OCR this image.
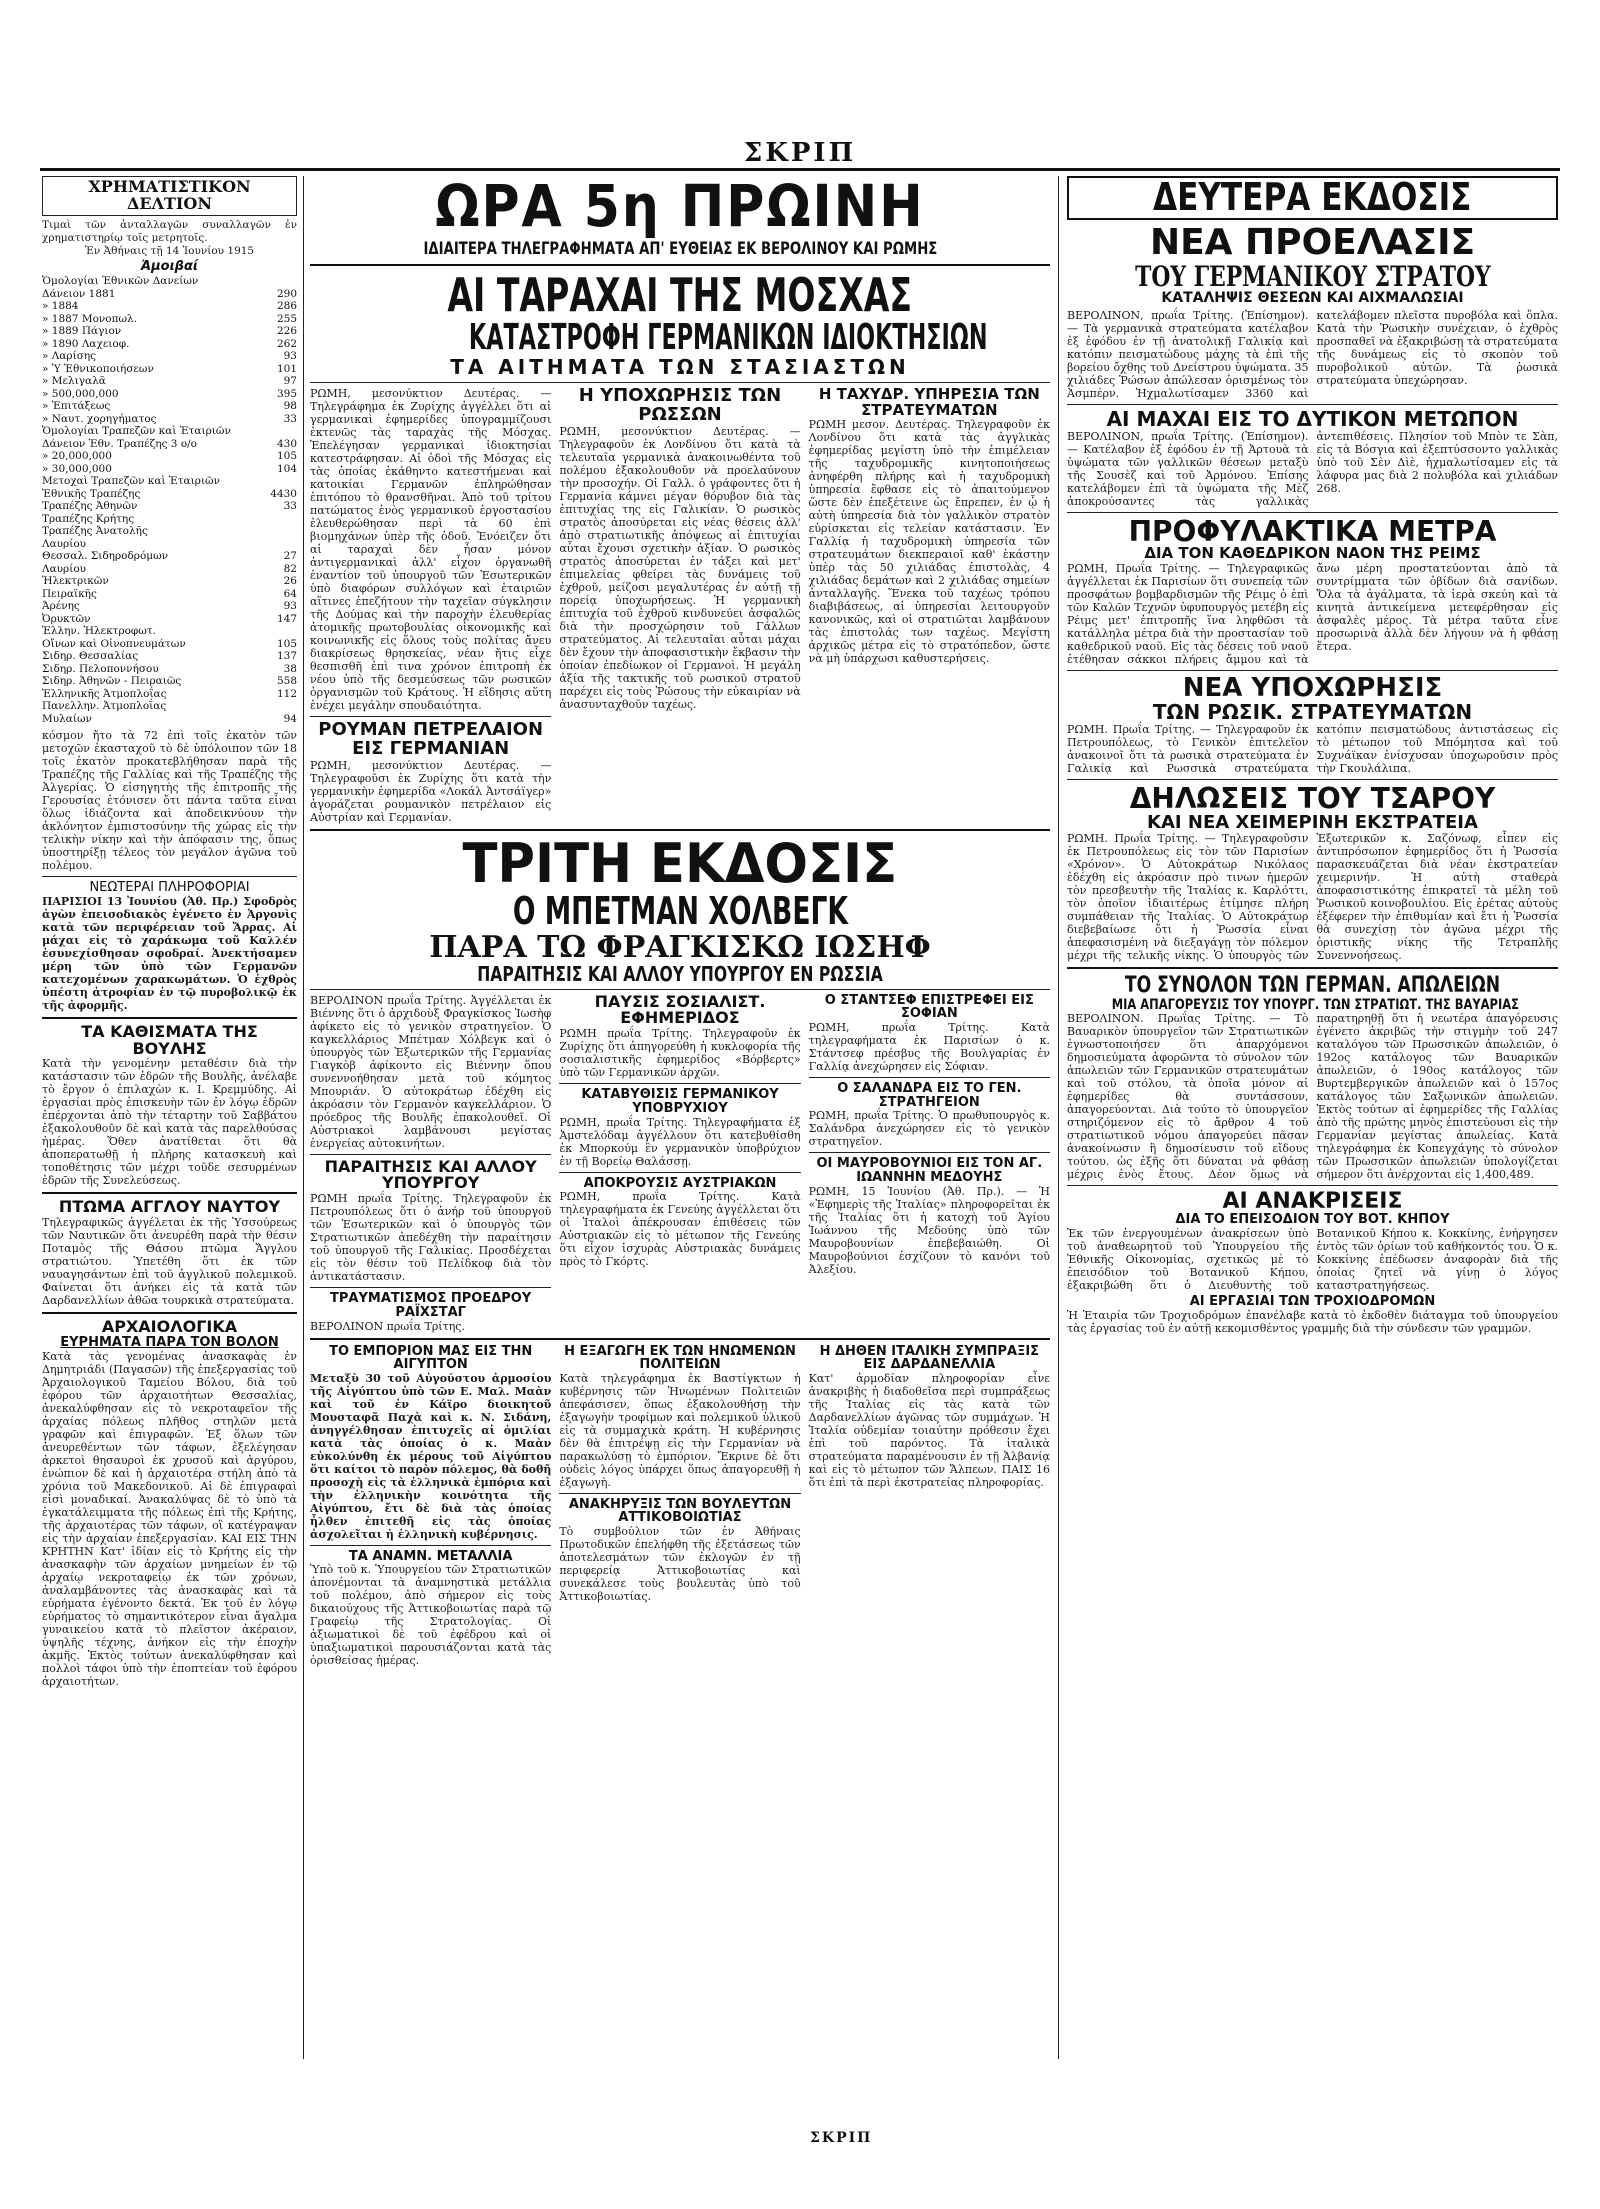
ΣΚΡΙΠ
ΧΡΗΜΑΤΙΣΤΙΚΟΝ ΔΕΛΤΙΟΝ
Τιμαὶ τῶν ἀνταλλαγῶν συναλλαγῶν ἐν χρηματιστηρίῳ τοῖς μετρητοῖς.
Ἐν Ἀθήναις τῇ 14 Ἰουνίου 1915
Ἀμοιβαί
Ὁμολογίαι Ἐθνικῶν Δανείων
Δάνειον 1881	290
» 1884	286
» 1887 Μονοπωλ.	255
» 1889 Πάγιον	226
» 1890 Λαχειοφ.	262
» Λαρίσης	93
» Ὑ Ἐθνικοποιήσεων	101
» Μελιγαλᾶ	97
» 500,000,000	395
» Ἐπιτάξεως	98
» Ναυτ. χορηγήματος	33
Ὁμολογίαι Τραπεζῶν καὶ Ἑταιριῶν
Δάνειον Ἐθν. Τραπέζης 3 ο/ο	430
» 20,000,000	105
» 30,000,000	104
Μετοχαὶ Τραπεζῶν καὶ Ἑταιριῶν
Ἐθνικῆς Τραπέζης	4430
Τραπέζης Ἀθηνῶν	33
Τραπέζης Κρήτης
Τραπέζης Ἀνατολῆς
Λαυρίου
Θεσσαλ. Σιδηροδρόμων	27
Λαυρίου	82
Ἠλεκτρικῶν	26
Πειραϊκῆς	64
Ἀρένης	93
Ὀρυκτῶν	147
Ἑλλην. Ἠλεκτροφωτ.
Οἴνων καὶ Οἰνοπνευμάτων	105
Σιδηρ. Θεσσαλίας	137
Σιδηρ. Πελοποννήσου	38
Σιδηρ. Ἀθηνῶν - Πειραιῶς	558
Ἑλληνικῆς Ἀτμοπλοΐας	112
Πανελλην. Ἀτμοπλοΐας
Μυλαίων	94
κόσμον ἤτο τὰ 72 ἐπὶ τοῖς ἑκατὸν τῶν μετοχῶν ἑκασταχοῦ τὸ δὲ ὑπόλοιπον τῶν 18 τοῖς ἑκατὸν προκατεβλήθησαν παρὰ τῆς Τραπέζης τῆς Γαλλίας καὶ τῆς Τραπέζης τῆς Ἀλγερίας. Ὁ εἰσηγητὴς τῆς ἐπιτροπῆς τῆς Γερουσίας ἐτόνισεν ὅτι πάντα ταῦτα εἶναι ὅλως ἰδιάζοντα καὶ ἀποδεικνύουν τὴν ἀκλόνητον ἐμπιστοσύνην τῆς χώρας εἰς τὴν τελικὴν νίκην καὶ τὴν ἀπόφασιν της, ὅπως ὑποστηρίξῃ τέλεος τὸν μεγάλον ἀγῶνα τοῦ πολέμου.
ΝΕΩΤΕΡΑΙ ΠΛΗΡΟΦΟΡΙΑΙ
ΠΑΡΙΣΙΟΙ 13 Ἰουνίου (Ἀθ. Πρ.) Σφοδρὸς ἀγὼν ἐπεισοδιακὸς ἐγένετο ἐν Ἀργονὶς κατὰ τῶν περιφέρειαν τοῦ Ἄρρας. Αἱ μάχαι εἰς τὸ χαράκωμα τοῦ Καλλέν ἐσυνεχίσθησαν σφοδραί. Ἀνεκτήσαμεν μέρη τῶν ὑπὸ τῶν Γερμανῶν κατεχομένων χαρακωμάτων. Ὁ ἐχθρὸς ὑπέστη ἀτροφίαν ἐν τῷ πυροβολικῷ ἐκ τῆς ἀφορμῆς.
ΤΑ ΚΑΘΙΣΜΑΤΑ ΤΗΣ ΒΟΥΛΗΣ
Κατὰ τὴν γενομένην μεταθέσιν διὰ τὴν κατάστασιν τῶν ἑδρῶν τῆς Βουλῆς, ἀνέλαβε τὸ ἔργον ὁ ἐπιλαχὼν κ. Ι. Κρεμμύδης. Αἱ ἐργασίαι πρὸς ἐπισκευὴν τῶν ἐν λόγῳ ἑδρῶν ἐπέρχονται ἀπὸ τὴν τέταρτην τοῦ Σαββάτου ἐξακολουθοῦν δὲ καὶ κατὰ τὰς παρελθούσας ἡμέρας. Ὅθεν ἀνατίθεται ὅτι θὰ ἀποπερατωθῇ ἡ πλήρης κατασκευὴ καὶ τοποθέτησις τῶν μέχρι τοῦδε σεσυρμένων ἑδρῶν τῆς Συνελεύσεως.
ΠΤΩΜΑ ΑΓΓΛΟΥ ΝΑΥΤΟΥ
Τηλεγραφικῶς ἀγγέλεται ἐκ τῆς Ὑσσούρεως τῶν Ναυτικῶν ὅτι ἀνευρέθη παρὰ τὴν θέσιν Ποταμὸς τῆς Θάσου πτῶμα Ἄγγλου στρατιώτου. Ὑπετέθη ὅτι ἐκ τῶν ναυαγησάντων ἐπὶ τοῦ ἀγγλικοῦ πολεμικοῦ. Φαίνεται ὅτι ἀνήκει εἰς τὰ κατὰ τῶν Δαρδανελλίων ἀθῶα τουρκικὰ στρατεύματα.
ΑΡΧΑΙΟΛΟΓΙΚΑ
ΕΥΡΗΜΑΤΑ ΠΑΡΑ ΤΟΝ ΒΟΛΟΝ
Κατὰ τὰς γενομένας ἀνασκαφὰς ἐν Δημητριάδι (Παγασῶν) τῆς ἐπεξεργασίας τοῦ Ἀρχαιολογικοῦ Ταμείου Βόλου, διὰ τοῦ ἐφόρου τῶν ἀρχαιοτήτων Θεσσαλίας, ἀνεκαλύφθησαν εἰς τὸ νεκροταφεῖον τῆς ἀρχαίας πόλεως πλῆθος στηλῶν μετὰ γραφῶν καὶ ἐπιγραφῶν. Ἐξ ὅλων τῶν ἀνευρεθέντων τῶν τάφων, ἐξελέγησαν ἀρκετοὶ θησαυροὶ ἐκ χρυσοῦ καὶ ἀργύρου, ἑνώπιον δὲ καὶ ἡ ἀρχαιοτέρα στήλη ἀπὸ τὰ χρόνια τοῦ Μακεδονικοῦ. Αἱ δὲ ἐπιγραφαὶ εἰσὶ μοναδικαί. Ἀνακαλύψας δὲ τὸ ὑπὸ τὰ ἐγκατάλειμματα τῆς πόλεως ἐπὶ τῆς Κρήτης, τῆς ἀρχαιοτέρας τῶν τάφων, οἳ κατέγραψαν εἰς τὴν ἀρχαίαν ἐπεξεργασίαν. ΚΑΙ ΕΙΣ ΤΗΝ ΚΡΗΤΗΝ Κατ' ἰδίαν εἰς τὸ Κρήτης εἰς τὴν ἀνασκαφὴν τῶν ἀρχαίων μνημείων ἐν τῷ ἀρχαίῳ νεκροταφείῳ ἐκ τῶν χρόνων, ἀναλαμβάνοντες τὰς ἀνασκαφὰς καὶ τὰ εὑρήματα ἐγένοντο δεκτά. Ἐκ τοῦ ἐν λόγῳ εὑρήματος τὸ σημαντικότερον εἶναι ἄγαλμα γυναικείου κατὰ τὸ πλεῖστον ἀκέραιον, ὑψηλῆς τέχνης, ἀνήκον εἰς τὴν ἐποχὴν ἀκμῆς. Ἐκτὸς τούτων ἀνεκαλύφθησαν καὶ πολλοὶ τάφοι ὑπὸ τὴν ἐποπτείαν τοῦ ἐφόρου ἀρχαιοτήτων.
ΩΡΑ 5η ΠΡΩΙΝΗ
ΙΔΙΑΙΤΕΡΑ ΤΗΛΕΓΡΑΦΗΜΑΤΑ ΑΠ' ΕΥΘΕΙΑΣ ΕΚ ΒΕΡΟΛΙΝΟΥ ΚΑΙ ΡΩΜΗΣ
ΑΙ ΤΑΡΑΧΑΙ ΤΗΣ ΜΟΣΧΑΣ
ΚΑΤΑΣΤΡΟΦΗ ΓΕΡΜΑΝΙΚΩΝ ΙΔΙΟΚΤΗΣΙΩΝ
ΤΑ ΑΙΤΗΜΑΤΑ ΤΩΝ ΣΤΑΣΙΑΣΤΩΝ
ΡΩΜΗ, μεσονύκτιον Δευτέρας. — Τηλεγράφημα ἐκ Ζυρίχης ἀγγέλλει ὅτι αἱ γερμανικαὶ ἐφημερίδες ὑπογραμμίζουσι ἐκτενῶς τὰς ταραχὰς τῆς Μόσχας. Ἐπελέγησαν γερμανικαὶ ἰδιοκτησίαι κατεστράφησαν. Αἱ ὁδοὶ τῆς Μόσχας εἰς τὰς ὁποίας ἐκάθηντο κατεστήμεναι καὶ κατοικίαι Γερμανῶν ἐπληρώθησαν ἐπιτόπου τὸ θρανσθῆναι. Ἀπὸ τοῦ τρίτου πατώματος ἑνὸς γερμανικοῦ ἐργοστασίου ἐλευθερώθησαν περὶ τὰ 60 ἐπὶ βιομηχάνων ὑπὲρ τῆς ὁδοῦ. Ἐνόειζεν ὅτι αἱ ταραχαὶ δὲν ἦσαν μόνον ἀντιγερμανικαὶ ἀλλ' εἶχον ὀργανωθῆ ἐναντίον τοῦ ὑπουργοῦ τῶν Ἐσωτερικῶν ὑπὸ διαφόρων συλλόγων καὶ ἑταιριῶν αἵτινες ἐπεζήτουν τὴν ταχεῖαν σύγκλησιν τῆς Δούμας καὶ τὴν παροχὴν ἐλευθερίας ἀτομικῆς πρωτοβουλίας οἰκονομικῆς καὶ κοινωνικῆς εἰς ὅλους τοὺς πολίτας ἄνευ διακρίσεως θρησκείας, νέαν ἤτις εἶχε θεσπισθῆ ἐπὶ τινα χρόνον ἐπιτροπὴ ἐκ νέου ὑπὸ τῆς δεσμεύσεως τῶν ρωσικῶν ὀργανισμῶν τοῦ Κράτους. Ἡ εἴδησις αὕτη ἐνέχει μεγάλην σπουδαιότητα.
ΡΟΥΜΑΝ ΠΕΤΡΕΛΑΙΟΝ ΕΙΣ ΓΕΡΜΑΝΙΑΝ
ΡΩΜΗ, μεσονύκτιον Δευτέρας. — Τηλεγραφοῦσι ἐκ Ζυρίχης ὅτι κατὰ τὴν γερμανικὴν ἐφημερίδα «Λοκάλ Ἀντσάϊγερ» ἀγοράζεται ρουμανικὸν πετρέλαιον εἰς Αὐστρίαν καὶ Γερμανίαν.
Η ΥΠΟΧΩΡΗΣΙΣ ΤΩΝ ΡΩΣΣΩΝ
ΡΩΜΗ, μεσονύκτιον Δευτέρας. — Τηλεγραφοῦν ἐκ Λονδίνου ὅτι κατὰ τὰ τελευταῖα γερμανικὰ ἀνακοινωθέντα τοῦ πολέμου ἐξακολουθοῦν νὰ προελαύνουν τὴν προσοχήν. Οἱ Γαλλ. ὁ γράφοντες ὅτι ἡ Γερμανία κάμνει μέγαν θόρυβον διὰ τὰς ἐπιτυχίας της εἰς Γαλικίαν. Ὁ ρωσικὸς στρατὸς ἀποσύρεται εἰς νέας θέσεις ἀλλ' ἀπὸ στρατιωτικῆς ἀπόψεως αἱ ἐπιτυχίαι αὗται ἔχουσι σχετικὴν ἀξίαν. Ὁ ρωσικὸς στρατὸς ἀποσύρεται ἐν τάξει καὶ μετ' ἐπιμελείας φθείρει τὰς δυνάμεις τοῦ ἐχθροῦ, μείζοσι μεγαλυτέρας ἐν αὐτῇ τῇ πορείᾳ ὑποχωρήσεως. Ἡ γερμανικὴ ἐπιτυχία τοῦ ἐχθροῦ κινδυνεύει ἀσφαλῶς διὰ τὴν προσχώρησιν τοῦ Γάλλων στρατεύματος. Αἱ τελευταῖαι αὗται μάχαι δὲν ἔχουν τὴν ἀποφασιστικὴν ἔκβασιν τὴν ὁποίαν ἐπεδίωκον οἱ Γερμανοὶ. Ἡ μεγάλη ἀξία τῆς τακτικῆς τοῦ ρωσικοῦ στρατοῦ παρέχει εἰς τοὺς Ῥώσους τὴν εὐκαιρίαν νὰ ἀνασυνταχθοῦν ταχέως.
Η ΤΑΧΥΔΡ. ΥΠΗΡΕΣΙΑ ΤΩΝ ΣΤΡΑΤΕΥΜΑΤΩΝ
ΡΩΜΗ μεσον. Δευτέρας. Τηλεγραφοῦν ἐκ Λονδίνου ὅτι κατὰ τὰς ἀγγλικὰς ἐφημερίδας μεγίστη ὑπὸ τὴν ἐπιμέλειαν τῆς ταχυδρομικῆς κινητοποιήσεως ἀνηφέρθη πλήρης καὶ ἡ ταχυδρομικὴ ὑπηρεσία ἔφθασε εἰς τὸ ἀπαιτούμενον ὥστε δὲν ἐπεξέτεινε ὡς ἔπρεπεν, ἐν ᾧ ἡ αὐτὴ ὑπηρεσία διὰ τὸν γαλλικὸν στρατὸν εὑρίσκεται εἰς τελείαν κατάστασιν. Ἐν Γαλλίᾳ ἡ ταχυδρομικὴ ὑπηρεσία τῶν στρατευμάτων διεκπεραιοῖ καθ' ἑκάστην ὑπὲρ τὰς 50 χιλιάδας ἐπιστολὰς, 4 χιλιάδας δεμάτων καὶ 2 χιλιάδας σημείων ἀνταλλαγῆς. Ἕνεκα τοῦ ταχέως τρόπου διαβιβάσεως, αἱ ὑπηρεσίαι λειτουργοῦν κανονικῶς, καὶ οἱ στρατιῶται λαμβάνουν τὰς ἐπιστολάς των ταχέως. Μεγίστη ἀρχικῶς μέτρα εἰς τὸ στρατόπεδον, ὥστε νὰ μὴ ὑπάρχωσι καθυστερήσεις.
ΤΡΙΤΗ ΕΚΔΟΣΙΣ
Ο ΜΠΕΤΜΑΝ ΧΟΛΒΕΓΚ
ΠΑΡΑ ΤΩ ΦΡΑΓΚΙΣΚΩ ΙΩΣΗΦ
ΠΑΡΑΙΤΗΣΙΣ ΚΑΙ ΑΛΛΟΥ ΥΠΟΥΡΓΟΥ ΕΝ ΡΩΣΣΙΑ
ΒΕΡΟΛΙΝΟΝ πρωΐα Τρίτης. Ἀγγέλλεται ἐκ Βιέννης ὅτι ὁ ἀρχιδοὺξ Φραγκίσκος Ἰωσὴφ ἀφίκετο εἰς τὸ γενικὸν στρατηγεῖον. Ὁ καγκελλάριος Μπέτμαν Χόλβεγκ καὶ ὁ ὑπουργὸς τῶν Ἐξωτερικῶν τῆς Γερμανίας Γιαγκὸβ ἀφίκοντο εἰς Βιέννην ὅπου συνεννοήθησαν μετὰ τοῦ κόμητος Μπουριάν. Ὁ αὐτοκράτωρ ἐδέχθη εἰς ἀκρόασιν τὸν Γερμανὸν καγκελλάριον. Ὁ πρόεδρος τῆς Βουλῆς ἐπακολουθεῖ. Οἱ Αὐστριακοὶ λαμβάνουσι μεγίστας ἐνεργείας αὐτοκινήτων.
ΠΑΡΑΙΤΗΣΙΣ ΚΑΙ ΑΛΛΟΥ ΥΠΟΥΡΓΟΥ
ΡΩΜΗ πρωΐα Τρίτης. Τηλεγραφοῦν ἐκ Πετρουπόλεως ὅτι ὁ ἀνήρ τοῦ ὑπουργοῦ τῶν Ἐσωτερικῶν καὶ ὁ ὑπουργὸς τῶν Στρατιωτικῶν ἀπεδέχθη τὴν παραίτησιν τοῦ ὑπουργοῦ τῆς Γαλικίας. Προσδέχεται εἰς τὸν θέσιν τοῦ Πελίδκοφ διὰ τὸν ἀντικατάστασιν.
ΤΡΑΥΜΑΤΙΣΜΟΣ ΠΡΟΕΔΡΟΥ ΡΑΪΧΣΤΑΓ
ΒΕΡΟΛΙΝΟΝ πρωΐα Τρίτης.
ΠΑΥΣΙΣ ΣΟΣΙΑΛΙΣΤ. ΕΦΗΜΕΡΙΔΟΣ
ΡΩΜΗ πρωΐα Τρίτης. Τηλεγραφοῦν ἐκ Ζυρίχης ὅτι ἀπηγορεύθη ἡ κυκλοφορία τῆς σοσιαλιστικῆς ἐφημερίδος «Βόρβερτς» ὑπὸ τῶν Γερμανικῶν ἀρχῶν.
ΚΑΤΑΒΥΘΙΣΙΣ ΓΕΡΜΑΝΙΚΟΥ ΥΠΟΒΡΥΧΙΟΥ
ΡΩΜΗ, πρωΐα Τρίτης. Τηλεγραφήματα ἐξ Ἀμστελόδαμ ἀγγέλλουν ὅτι κατεβυθίσθη ἐκ Μπορκούμ ἓν γερμανικὸν ὑποβρύχιον ἐν τῇ Βορείῳ Θαλάσσῃ.
ΑΠΟΚΡΟΥΣΙΣ ΑΥΣΤΡΙΑΚΩΝ
ΡΩΜΗ, πρωΐα Τρίτης. Κατὰ τηλεγραφήματα ἐκ Γενεύης ἀγγέλλεται ὅτι οἱ Ἰταλοὶ ἀπέκρουσαν ἐπιθέσεις τῶν Αὐστριακῶν εἰς τὸ μέτωπον τῆς Γενεύης ὅτι εἶχον ἰσχυρὰς Αὐστριακὰς δυνάμεις πρὸς τὸ Γκόρτς.
Ο ΣΤΑΝΤΣΕΦ ΕΠΙΣΤΡΕΦΕΙ ΕΙΣ ΣΟΦΙΑΝ
ΡΩΜΗ, πρωΐα Τρίτης. Κατὰ τηλεγραφήματα ἐκ Παρισίων ὁ κ. Στάντσεφ πρέσβυς τῆς Βουλγαρίας ἐν Γαλλίᾳ ἀνεχώρησεν εἰς Σόφιαν.
Ο ΣΑΛΑΝΔΡΑ ΕΙΣ ΤΟ ΓΕΝ. ΣΤΡΑΤΗΓΕΙΟΝ
ΡΩΜΗ, πρωΐα Τρίτης. Ὁ πρωθυπουργὸς κ. Σαλάνδρα ἀνεχώρησεν εἰς τὸ γενικὸν στρατηγεῖον.
ΟΙ ΜΑΥΡΟΒΟΥΝΙΟΙ ΕΙΣ ΤΟΝ ΑΓ. ΙΩΑΝΝΗΝ ΜΕΔΟΥΗΣ
ΡΩΜΗ, 15 Ἰουνίου (Ἀθ. Πρ.). — Ἡ «Ἐφημερὶς τῆς Ἰταλίας» πληροφορεῖται ἐκ τῆς Ἰταλίας ὅτι ἡ κατοχὴ τοῦ Ἁγίου Ἰωάννου τῆς Μεδούης ὑπὸ τῶν Μαυροβουνίων ἐπεβεβαιώθη. Οἱ Μαυροβούνιοι ἐσχίζουν τὸ κανόνι τοῦ Ἀλεξίου.
ΤΟ ΕΜΠΟΡΙΟΝ ΜΑΣ ΕΙΣ ΤΗΝ ΑΙΓΥΠΤΟΝ
Μεταξὺ 30 τοῦ Αὐγούστου ἀρμοσίου τῆς Αἰγύπτου ὑπὸ τῶν Ε. Μαλ. Μαὰν καὶ τοῦ ἐν Κάϊρο διοικητοῦ Μουσταφᾶ Παχὰ καὶ κ. Ν. Σιδάνη, ἀνηγγέλθησαν ἐπιτυχεῖς αἱ ὁμιλίαι κατὰ τὰς ὁποίας ὁ κ. Μαὰν εὐκολύνθη ἐκ μέρους τοῦ Αἰγύπτου ὅτι καίτοι τὸ παρὸν πόλεμος, θὰ δοθῆ προσοχὴ εἰς τὰ ἑλληνικὰ ἐμπόρια καὶ τὴν ἑλληνικὴν κοινότητα τῆς Αἰγύπτου, ἔτι δὲ διὰ τὰς ὁποίας ἦλθεν ἐπιτεθῆ εἰς τὰς ὁποίας ἀσχολεῖται ἡ ἑλληνικὴ κυβέρνησις.
ΤΑ ΑΝΑΜΝ. ΜΕΤΑΛΛΙΑ
Ὑπὸ τοῦ κ. Ὑπουργείου τῶν Στρατιωτικῶν ἀπονέμονται τὰ ἀναμνηστικὰ μετάλλια τοῦ πολέμου, ἀπὸ σήμερον εἰς τοὺς δικαιούχους τῆς Ἀττικοβοιωτίας παρὰ τῷ Γραφείῳ τῆς Στρατολογίας. Οἱ ἀξιωματικοὶ δὲ τοῦ ἐφέδρου καὶ οἱ ὑπαξιωματικοὶ παρουσιάζονται κατὰ τὰς ὁρισθείσας ἡμέρας.
Η ΕΞΑΓΩΓΗ ΕΚ ΤΩΝ ΗΝΩΜΕΝΩΝ ΠΟΛΙΤΕΙΩΝ
Κατὰ τηλεγράφημα ἐκ Βαστίγκτων ἡ κυβέρνησις τῶν Ἡνωμένων Πολιτειῶν ἀπεφάσισεν, ὅπως ἐξακολουθήσῃ τὴν ἐξαγωγὴν τροφίμων καὶ πολεμικοῦ ὑλικοῦ εἰς τὰ συμμαχικὰ κράτη. Ἡ κυβέρνησις δὲν θὰ ἐπιτρέψῃ εἰς τὴν Γερμανίαν νὰ παρακωλύσῃ τὸ ἐμπόριον. Ἔκρινε δὲ ὅτι οὐδεὶς λόγος ὑπάρχει ὅπως ἀπαγορευθῇ ἡ ἐξαγωγὴ.
ΑΝΑΚΗΡΥΞΙΣ ΤΩΝ ΒΟΥΛΕΥΤΩΝ ΑΤΤΙΚΟΒΟΙΩΤΙΑΣ
Τὸ συμβούλιον τῶν ἐν Ἀθήναις Πρωτοδικῶν ἐπελήφθη τῆς ἐξετάσεως τῶν ἀποτελεσμάτων τῶν ἐκλογῶν ἐν τῇ περιφερείᾳ Ἀττικοβοιωτίας καὶ συνεκάλεσε τοὺς βουλευτὰς ὑπὸ τοῦ Ἀττικοβοιωτίας.
Η ΔΗΘΕΝ ΙΤΑΛΙΚΗ ΣΥΜΠΡΑΞΙΣ ΕΙΣ ΔΑΡΔΑΝΕΛΛΙΑ
Κατ' ἀρμοδίαν πληροφορίαν εἶνε ἀνακριβὴς ἡ διαδοθεῖσα περὶ συμπράξεως τῆς Ἰταλίας εἰς τὰς κατὰ τῶν Δαρδανελλίων ἀγῶνας τῶν συμμάχων. Ἡ Ἰταλία οὐδεμίαν τοιαύτην πρόθεσιν ἔχει ἐπὶ τοῦ παρόντος. Τὰ ἰταλικὰ στρατεύματα παραμένουσιν ἐν τῇ Ἀλβανίᾳ καὶ εἰς τὸ μέτωπον τῶν Ἄλπεων. ΠΑΙΣ 16 ὅτι ἐπὶ τὰ περὶ ἐκστρατείας πληροφορίας.
ΔΕΥΤΕΡΑ ΕΚΔΟΣΙΣ
ΝΕΑ ΠΡΟΕΛΑΣΙΣ
ΤΟΥ ΓΕΡΜΑΝΙΚΟΥ ΣΤΡΑΤΟΥ
ΚΑΤΑΛΗΨΙΣ ΘΕΣΕΩΝ ΚΑΙ ΑΙΧΜΑΛΩΣΙΑΙ
ΒΕΡΟΛΙΝΟΝ, πρωΐα Τρίτης. (Ἐπίσημον). — Τὰ γερμανικὰ στρατεύματα κατέλαβον ἐξ ἐφόδου ἐν τῇ ἀνατολικῇ Γαλικίᾳ καὶ κατόπιν πεισματώδους μάχης τὰ ἐπὶ τῆς βορείου ὄχθης τοῦ Δνείστρου ὑψώματα. 35 χιλιάδες Ῥώσων ἀπώλεσαν ὁρισμένως τὸν Ἀσμπέρν. Ἠχμαλωτίσαμεν 3360 καὶ κατελάβομεν πλεῖστα πυροβόλα καὶ ὅπλα. Κατὰ τὴν Ῥωσικὴν συνέχειαν, ὁ ἐχθρὸς προσπαθεῖ νὰ ἐξακριβώσῃ τὰ στρατεύματα τῆς δυνάμεως εἰς τὸ σκοπὸν τοῦ πυροβολικοῦ αὐτῶν. Τὰ ῥωσικὰ στρατεύματα ὑπεχώρησαν.
ΑΙ ΜΑΧΑΙ ΕΙΣ ΤΟ ΔΥΤΙΚΟΝ ΜΕΤΩΠΟΝ
ΒΕΡΟΛΙΝΟΝ, πρωΐα Τρίτης. (Ἐπίσημον). — Κατέλαβον ἐξ ἐφόδου ἐν τῇ Ἀρτουὰ τὰ ὑψώματα τῶν γαλλικῶν θέσεων μεταξὺ τῆς Σουσὲζ καὶ τοῦ Ἀρμόνου. Ἐπίσης κατελάβομεν ἐπὶ τὰ ὑψώματα τῆς Μὲζ ἀποκρούσαντες τὰς γαλλικὰς ἀντεπιθέσεις. Πλησίον τοῦ Μπὸν τε Σὰπ, εἰς τὰ Βόσγια καὶ ἐξεπτύσσοντο γαλλικὰς ὑπὸ τοῦ Σὲν Δὶὲ, ἠχμαλωτίσαμεν εἰς τὰ λάφυρα μας διὰ 2 πολυβόλα καὶ χιλιάδων 268.
ΠΡΟΦΥΛΑΚΤΙΚΑ ΜΕΤΡΑ
ΔΙΑ ΤΟΝ ΚΑΘΕΔΡΙΚΟΝ ΝΑΟΝ ΤΗΣ ΡΕΙΜΣ
ΡΩΜΗ, Πρωΐα Τρίτης. — Τηλεγραφικῶς ἀγγέλλεται ἐκ Παρισίων ὅτι συνεπείᾳ τῶν προσφάτων βομβαρδισμῶν τῆς Ρέιμς ὁ ἐπὶ τῶν Καλῶν Τεχνῶν ὑφυπουργὸς μετέβη εἰς Ρέιμς μετ' ἐπιτροπῆς ἵνα ληφθῶσι τὰ κατάλληλα μέτρα διὰ τὴν προστασίαν τοῦ καθεδρικοῦ ναοῦ. Εἰς τὰς δέσεις τοῦ ναοῦ ἐτέθησαν σάκκοι πλήρεις ἄμμου καὶ τὰ ἄνω μέρη προστατεύονται ἀπὸ τὰ συντρίμματα τῶν ὀβίδων διὰ σανίδων. Ὅλα τὰ ἀγάλματα, τὰ ἱερὰ σκεύη καὶ τὰ κινητὰ ἀντικείμενα μετεφέρθησαν εἰς ἀσφαλὲς μέρος. Τὰ μέτρα ταῦτα εἶνε προσωρινὰ ἀλλὰ δὲν λήγουν νὰ ἡ φθάσῃ ἕτερα.
ΝΕΑ ΥΠΟΧΩΡΗΣΙΣ
ΤΩΝ ΡΩΣΙΚ. ΣΤΡΑΤΕΥΜΑΤΩΝ
ΡΩΜΗ. Πρωΐα Τρίτης. — Τηλεγραφοῦν ἐκ Πετρουπόλεως, τὸ Γενικὸν ἐπιτελεῖον ἀνακοινοῖ ὅτι τὰ ρωσικὰ στρατεύματα ἐν Γαλικίᾳ καὶ Ρωσσικὰ στρατεύματα κατόπιν πεισματώδους ἀντιστάσεως εἰς τὸ μέτωπον τοῦ Μπόμητσα καὶ τοῦ Συχνάϊκαν ἐνίσχυσαν ὑποχωροῦσιν πρὸς τὴν Γκουλάλιπα.
ΔΗΛΩΣΕΙΣ ΤΟΥ ΤΣΑΡΟΥ
ΚΑΙ ΝΕΑ ΧΕΙΜΕΡΙΝΗ ΕΚΣΤΡΑΤΕΙΑ
ΡΩΜΗ. Πρωΐα Τρίτης. — Τηλεγραφοῦσιν ἐκ Πετρουπόλεως εἰς τὸν τῶν Παρισίων «Χρόνον». Ὁ Αὐτοκράτωρ Νικόλαος ἐδέχθη εἰς ἀκρόασιν πρὸ τινων ἡμερῶν τὸν πρεσβευτὴν τῆς Ἰταλίας κ. Καρλόττι, τὸν ὁποῖον ἰδιαιτέρως ἐτίμησε πλήρη συμπάθειαν τῆς Ἰταλίας. Ὁ Αὐτοκράτωρ διεβεβαίωσε ὅτι ἡ Ῥωσσία εἶναι ἀπεφασισμένη νὰ διεξαγάγῃ τὸν πόλεμον μέχρι τῆς τελικῆς νίκης. Ὁ ὑπουργὸς τῶν Ἐξωτερικῶν κ. Σαζόνωφ, εἶπεν εἰς ἀντιπρόσωπον ἐφημερίδος ὅτι ἡ Ῥωσσία παρασκευάζεται διὰ νέαν ἐκστρατείαν χειμερινήν. Ἡ αὐτὴ σταθερὰ ἀποφασιστικότης ἐπικρατεῖ τὰ μέλη τοῦ Ῥωσικοῦ κοινοβουλίου. Εἰς ἐρέτας αὐτοὺς ἐξέφερεν τὴν ἐπιθυμίαν καὶ ἔτι ἡ Ῥωσσία θὰ συνεχίσῃ τὸν ἀγῶνα μέχρι τῆς ὁριστικῆς νίκης τῆς Τετραπλῆς Συνεννοήσεως.
ΤΟ ΣΥΝΟΛΟΝ ΤΩΝ ΓΕΡΜΑΝ. ΑΠΩΛΕΙΩΝ
ΜΙΑ ΑΠΑΓΟΡΕΥΣΙΣ ΤΟΥ ΥΠΟΥΡΓ. ΤΩΝ ΣΤΡΑΤΙΩΤ. ΤΗΣ ΒΑΥΑΡΙΑΣ
ΒΕΡΟΛΙΝΟΝ. Πρωΐας Τρίτης. — Τὸ Βαυαρικὸν ὑπουργεῖον τῶν Στρατιωτικῶν ἐγνωστοποιήσεν ὅτι ἀπαρχόμενοι δημοσιεύματα ἀφορῶντα τὸ σύνολον τῶν ἀπωλειῶν τῶν Γερμανικῶν στρατευμάτων καὶ τοῦ στόλου, τὰ ὁποῖα μόνον αἱ ἐφημερίδες θὰ συντάσσουν, ἀπαγορεύονται. Διὰ τούτο τὸ ὑπουργεῖον στηριζόμενον εἰς τὸ ἄρθρον 4 τοῦ στρατιωτικοῦ νόμου ἀπαγορεύει πᾶσαν ἀνακοίνωσιν ἢ δημοσίευσιν τοῦ εἴδους τούτου. ὡς ἐξῆς ὅτι δύναται νὰ φθάσῃ μέχρις ἑνὸς ἔτους. Δέον ὅμως νὰ παρατηρηθῇ ὅτι ἡ νεωτέρα ἀπαγόρευσις ἐγένετο ἀκριβῶς τὴν στιγμὴν τοῦ 247 καταλόγου τῶν Πρωσσικῶν ἀπωλειῶν, ὁ 192ος κατάλογος τῶν Βαυαρικῶν ἀπωλειῶν, ὁ 190ος κατάλογος τῶν Βυρτεμβεργικῶν ἀπωλειῶν καὶ ὁ 157ος κατάλογος τῶν Σαξωνικῶν ἀπωλειῶν. Ἐκτὸς τούτων αἱ ἐφημερίδες τῆς Γαλλίας ἀπὸ τῆς πρώτης μηνὸς ἐπιστεύουσι εἰς τὴν Γερμανίαν μεγίστας ἀπωλείας. Κατὰ τηλεγράφημα ἐκ Κοπεγχάγης τὸ σύνολον τῶν Πρωσσικῶν ἀπωλειῶν ὑπολογίζεται σήμερον ὅτι ἀνέρχονται εἰς 1,400,489.
ΑΙ ΑΝΑΚΡΙΣΕΙΣ
ΔΙΑ ΤΟ ΕΠΕΙΣΟΔΙΟΝ ΤΟΥ ΒΟΤ. ΚΗΠΟΥ
Ἐκ τῶν ἐνεργουμένων ἀνακρίσεων ὑπὸ τοῦ ἀναθεωρητοῦ τοῦ Ὑπουργείου τῆς Ἐθνικῆς Οἰκονομίας, σχετικῶς μὲ τὸ ἐπεισόδιον τοῦ Βοτανικοῦ Κήπου, ἐξακριβώθη ὅτι ὁ Διευθυντὴς τοῦ Βοτανικοῦ Κήπου κ. Κοκκίνης, ἐνήργησεν ἐντὸς τῶν ὁρίων τοῦ καθήκοντός του. Ὁ κ. Κοκκίνης ἐπέδωσεν ἀναφορὰν διὰ τῆς ὁποίας ζητεῖ νὰ γίνῃ ὁ λόγος καταστρατηγήσεως.
ΑΙ ΕΡΓΑΣΙΑΙ ΤΩΝ ΤΡΟΧΙΟΔΡΟΜΩΝ
Ἡ Ἑταιρία τῶν Τροχιοδρόμων ἐπανέλαβε κατὰ τὸ ἐκδοθὲν διάταγμα τοῦ ὑπουργείου τὰς ἐργασίας τοῦ ἐν αὐτῇ κεκομισθέντος γραμμῆς διὰ τὴν σύνδεσιν τῶν γραμμῶν.
ΣΚΡΙΠ
